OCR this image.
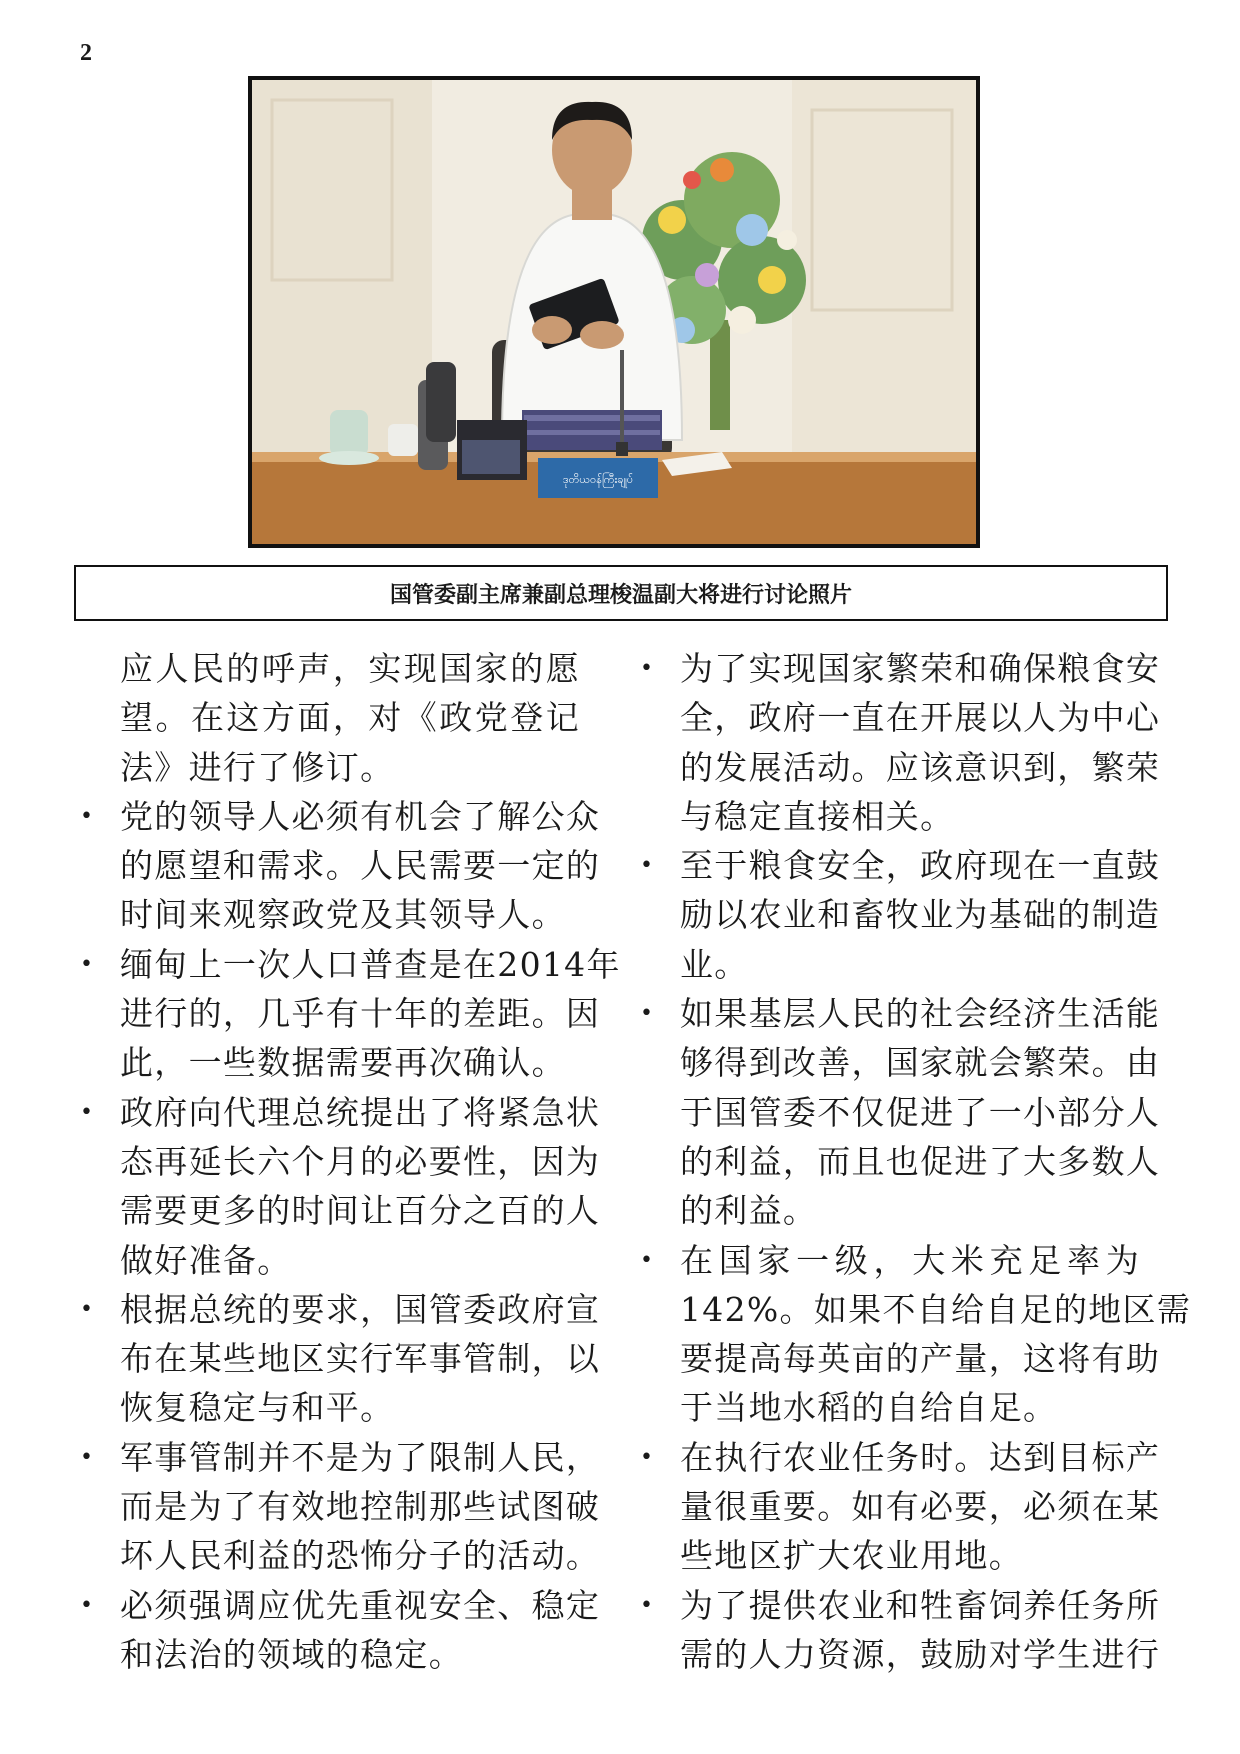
2
ဒုတိယဝန်ကြီးချုပ်
国管委副主席兼副总理梭温副大将进行讨论照片
应人民的呼声，实现国家的愿
望。在这方面，对《政党登记
法》进行了修订。
• 党的领导人必须有机会了解公众
的愿望和需求。人民需要一定的
时间来观察政党及其领导人。
• 缅甸上一次人口普查是在2014年
进行的，几乎有十年的差距。因
此，一些数据需要再次确认。
• 政府向代理总统提出了将紧急状
态再延长六个月的必要性，因为
需要更多的时间让百分之百的人
做好准备。
• 根据总统的要求，国管委政府宣
布在某些地区实行军事管制，以
恢复稳定与和平。
• 军事管制并不是为了限制人民，
而是为了有效地控制那些试图破
坏人民利益的恐怖分子的活动。
• 必须强调应优先重视安全、稳定
和法治的领域的稳定。
• 为了实现国家繁荣和确保粮食安
全，政府一直在开展以人为中心
的发展活动。应该意识到，繁荣
与稳定直接相关。
• 至于粮食安全，政府现在一直鼓
励以农业和畜牧业为基础的制造
业。
• 如果基层人民的社会经济生活能
够得到改善，国家就会繁荣。由
于国管委不仅促进了一小部分人
的利益，而且也促进了大多数人
的利益。
• 在国家一级，大米充足率为
142%。如果不自给自足的地区需
要提高每英亩的产量，这将有助
于当地水稻的自给自足。
• 在执行农业任务时。达到目标产
量很重要。如有必要，必须在某
些地区扩大农业用地。
• 为了提供农业和牲畜饲养任务所
需的人力资源，鼓励对学生进行
